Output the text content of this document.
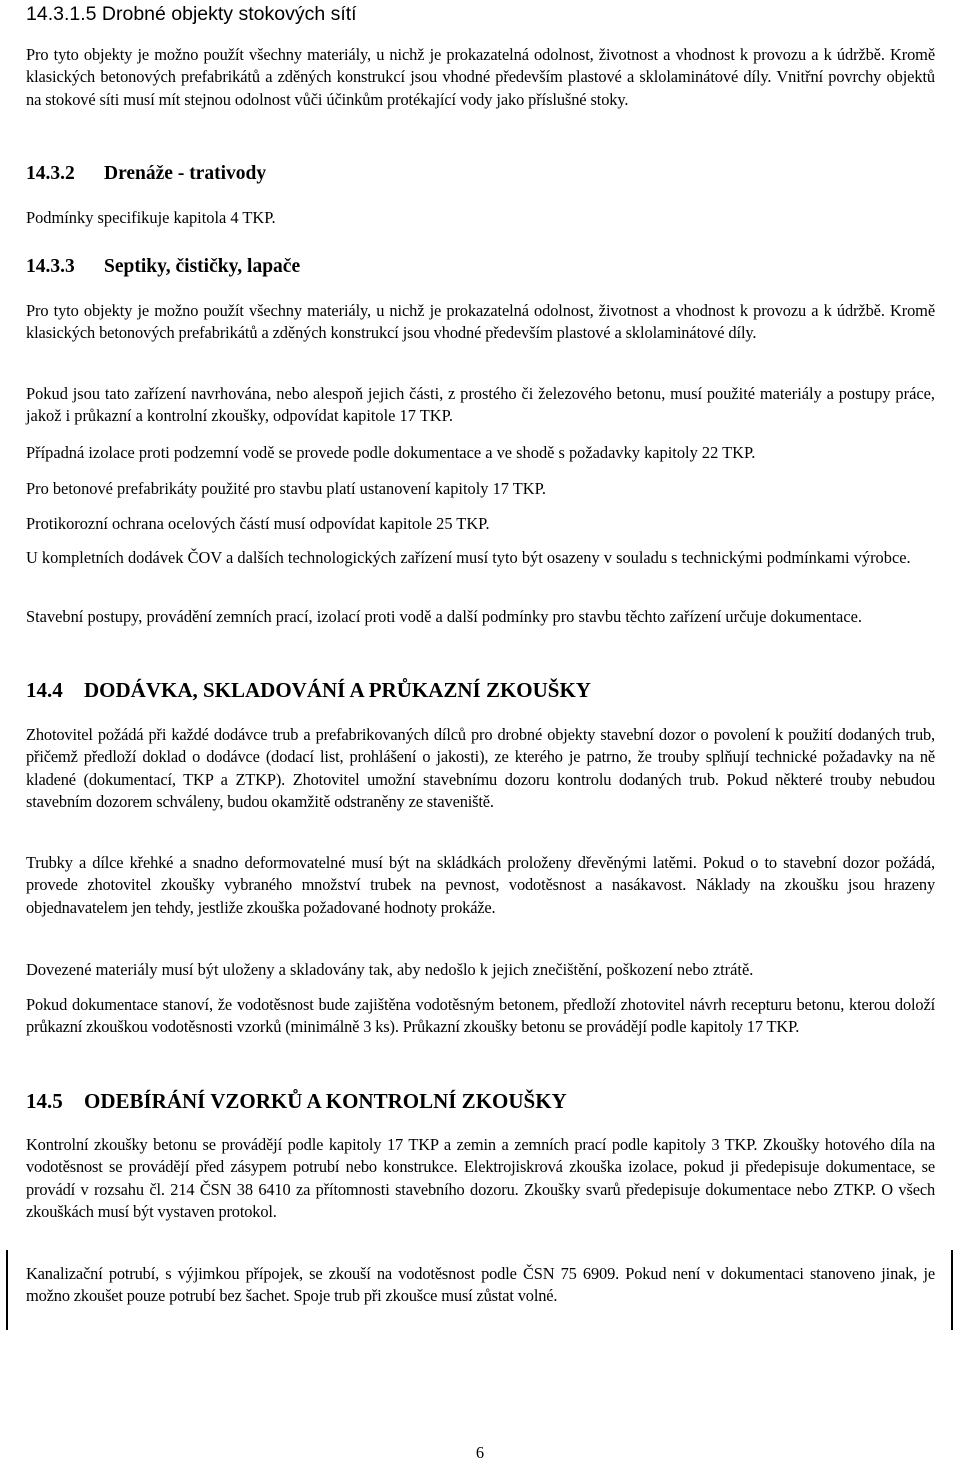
14.3.1.5 Drobné objekty stokových sítí

Pro tyto objekty je možno použít všechny materiály, u nichž je prokazatelná odolnost, životnost a vhodnost k provozu a k údržbě. Kromě klasických betonových prefabrikátů a zděných konstrukcí jsou vhodné především plastové a sklolaminátové díly. Vnitřní povrchy objektů na stokové síti musí mít stejnou odolnost vůči účinkům protékající vody jako příslušné stoky.

14.3.2 Drenáže - trativody

Podmínky specifikuje kapitola 4 TKP.

14.3.3 Septiky, čističky, lapače

Pro tyto objekty je možno použít všechny materiály, u nichž je prokazatelná odolnost, životnost a vhodnost k provozu a k údržbě. Kromě klasických betonových prefabrikátů a zděných konstrukcí jsou vhodné především plastové a sklolaminátové díly.

Pokud jsou tato zařízení navrhována, nebo alespoň jejich části, z prostého či železového betonu, musí použité materiály a postupy práce, jakož i průkazní a kontrolní zkoušky, odpovídat kapitole 17 TKP.

Případná izolace proti podzemní vodě se provede podle dokumentace a ve shodě s požadavky kapitoly 22 TKP.

Pro betonové prefabrikáty použité pro stavbu platí ustanovení kapitoly 17 TKP.

Protikorozní ochrana ocelových částí musí odpovídat kapitole 25 TKP.

U kompletních dodávek ČOV a dalších technologických zařízení musí tyto být osazeny v souladu s technickými podmínkami výrobce.

Stavební postupy, provádění zemních prací, izolací proti vodě a další podmínky pro stavbu těchto zařízení určuje dokumentace.

14.4 DODÁVKA, SKLADOVÁNÍ A PRŮKAZNÍ ZKOUŠKY

Zhotovitel požádá při každé dodávce trub a prefabrikovaných dílců pro drobné objekty stavební dozor o povolení k použití dodaných trub, přičemž předloží doklad o dodávce (dodací list, prohlášení o jakosti), ze kterého je patrno, že trouby splňují technické požadavky na ně kladené (dokumentací, TKP a ZTKP). Zhotovitel umožní stavebnímu dozoru kontrolu dodaných trub. Pokud některé trouby nebudou stavebním dozorem schváleny, budou okamžitě odstraněny ze staveniště.

Trubky a dílce křehké a snadno deformovatelné musí být na skládkách proloženy dřevěnými latěmi. Pokud o to stavební dozor požádá, provede zhotovitel zkoušky vybraného množství trubek na pevnost, vodotěsnost a nasákavost. Náklady na zkoušku jsou hrazeny objednavatelem jen tehdy, jestliže zkouška požadované hodnoty prokáže.

Dovezené materiály musí být uloženy a skladovány tak, aby nedošlo k jejich znečištění, poškození nebo ztrátě.

Pokud dokumentace stanoví, že vodotěsnost bude zajištěna vodotěsným betonem, předloží zhotovitel návrh recepturu betonu, kterou doloží průkazní zkouškou vodotěsnosti vzorků (minimálně 3 ks). Průkazní zkoušky betonu se provádějí podle kapitoly 17 TKP.

14.5 ODEBÍRÁNÍ VZORKŮ A KONTROLNÍ ZKOUŠKY

Kontrolní zkoušky betonu se provádějí podle kapitoly 17 TKP a zemin a zemních prací podle kapitoly 3 TKP. Zkoušky hotového díla na vodotěsnost se provádějí před zásypem potrubí nebo konstrukce. Elektrojiskrová zkouška izolace, pokud ji předepisuje dokumentace, se provádí v rozsahu čl. 214 ČSN 38 6410 za přítomnosti stavebního dozoru. Zkoušky svarů předepisuje dokumentace nebo ZTKP. O všech zkouškách musí být vystaven protokol.

Kanalizační potrubí, s výjimkou přípojek, se zkouší na vodotěsnost podle ČSN 75 6909. Pokud není v dokumentaci stanoveno jinak, je možno zkoušet pouze potrubí bez šachet. Spoje trub při zkoušce musí zůstat volné.

6
